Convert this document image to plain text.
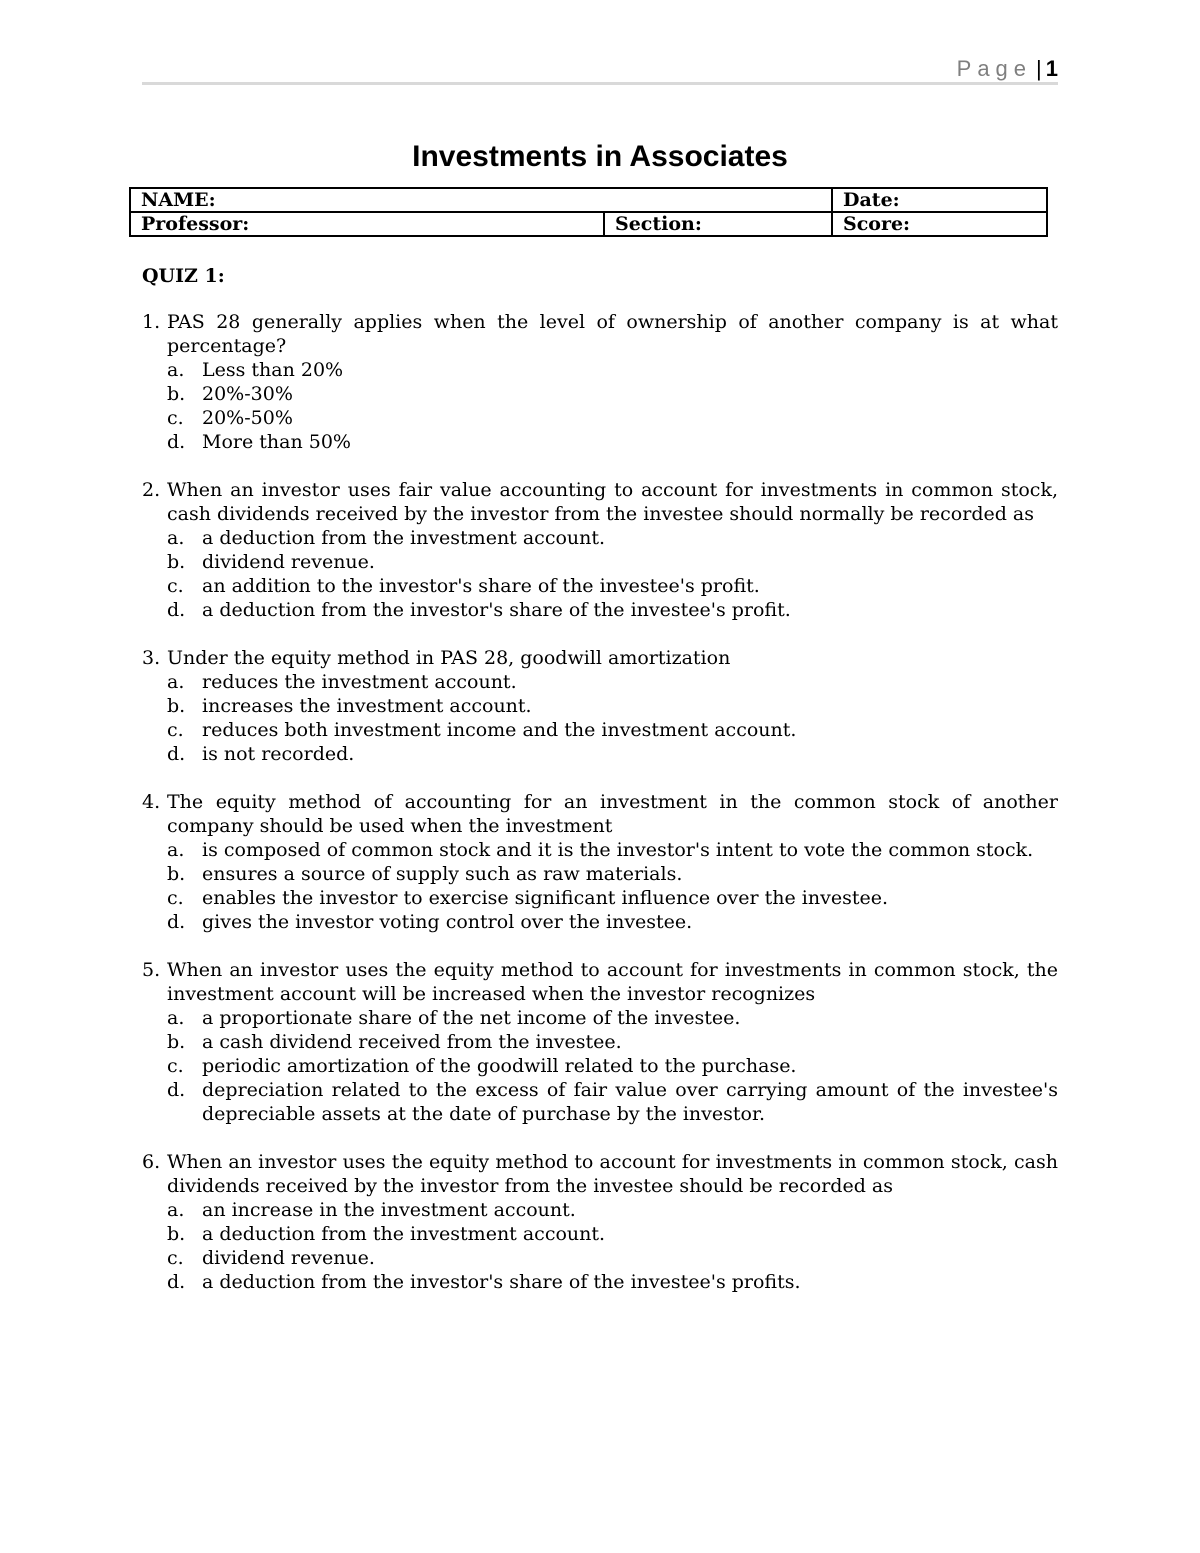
Page | 1
Investments in Associates
NAME:		Date:
Professor:	Section:	Score:
QUIZ 1:
1. PAS 28 generally applies when the level of ownership of another company is at what percentage?
a. Less than 20%
b. 20%-30%
c. 20%-50%
d. More than 50%
2. When an investor uses fair value accounting to account for investments in common stock, cash dividends received by the investor from the investee should normally be recorded as
a. a deduction from the investment account.
b. dividend revenue.
c. an addition to the investor's share of the investee's profit.
d. a deduction from the investor's share of the investee's profit.
3. Under the equity method in PAS 28, goodwill amortization
a. reduces the investment account.
b. increases the investment account.
c. reduces both investment income and the investment account.
d. is not recorded.
4. The equity method of accounting for an investment in the common stock of another company should be used when the investment
a. is composed of common stock and it is the investor's intent to vote the common stock.
b. ensures a source of supply such as raw materials.
c. enables the investor to exercise significant influence over the investee.
d. gives the investor voting control over the investee.
5. When an investor uses the equity method to account for investments in common stock, the investment account will be increased when the investor recognizes
a. a proportionate share of the net income of the investee.
b. a cash dividend received from the investee.
c. periodic amortization of the goodwill related to the purchase.
d. depreciation related to the excess of fair value over carrying amount of the investee's depreciable assets at the date of purchase by the investor.
6. When an investor uses the equity method to account for investments in common stock, cash dividends received by the investor from the investee should be recorded as
a. an increase in the investment account.
b. a deduction from the investment account.
c. dividend revenue.
d. a deduction from the investor's share of the investee's profits.
